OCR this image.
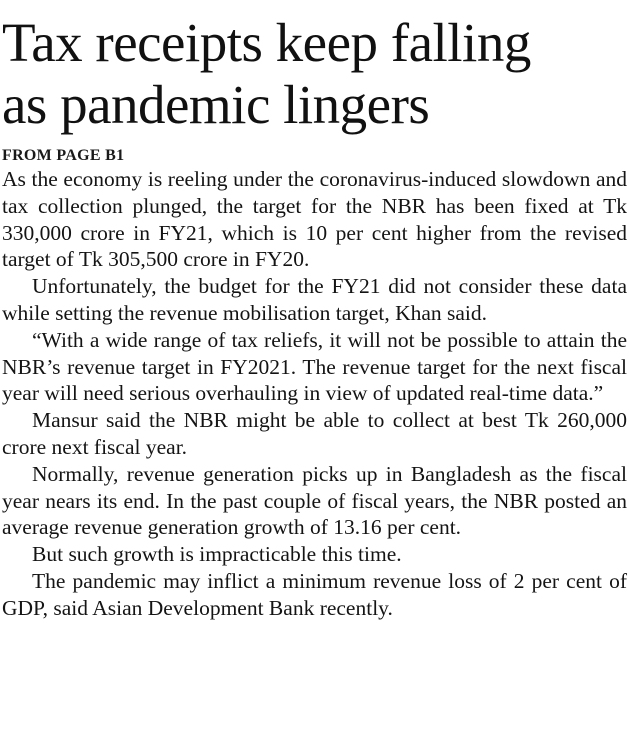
Tax receipts keep falling
as pandemic lingers
FROM PAGE B1

As the economy is reeling under the coronavirus-induced slowdown and tax collection plunged, the target for the NBR has been fixed at Tk 330,000 crore in FY21, which is 10 per cent higher from the revised target of Tk 305,500 crore in FY20.

Unfortunately, the budget for the FY21 did not consider these data while setting the revenue mobilisation target, Khan said.

“With a wide range of tax reliefs, it will not be possible to attain the NBR’s revenue target in FY2021. The revenue target for the next fiscal year will need serious overhauling in view of updated real-time data.”

Mansur said the NBR might be able to collect at best Tk 260,000 crore next fiscal year.

Normally, revenue generation picks up in Bangladesh as the fiscal year nears its end. In the past couple of fiscal years, the NBR posted an average revenue generation growth of 13.16 per cent.

But such growth is impracticable this time.

The pandemic may inflict a minimum revenue loss of 2 per cent of GDP, said Asian Development Bank recently.
